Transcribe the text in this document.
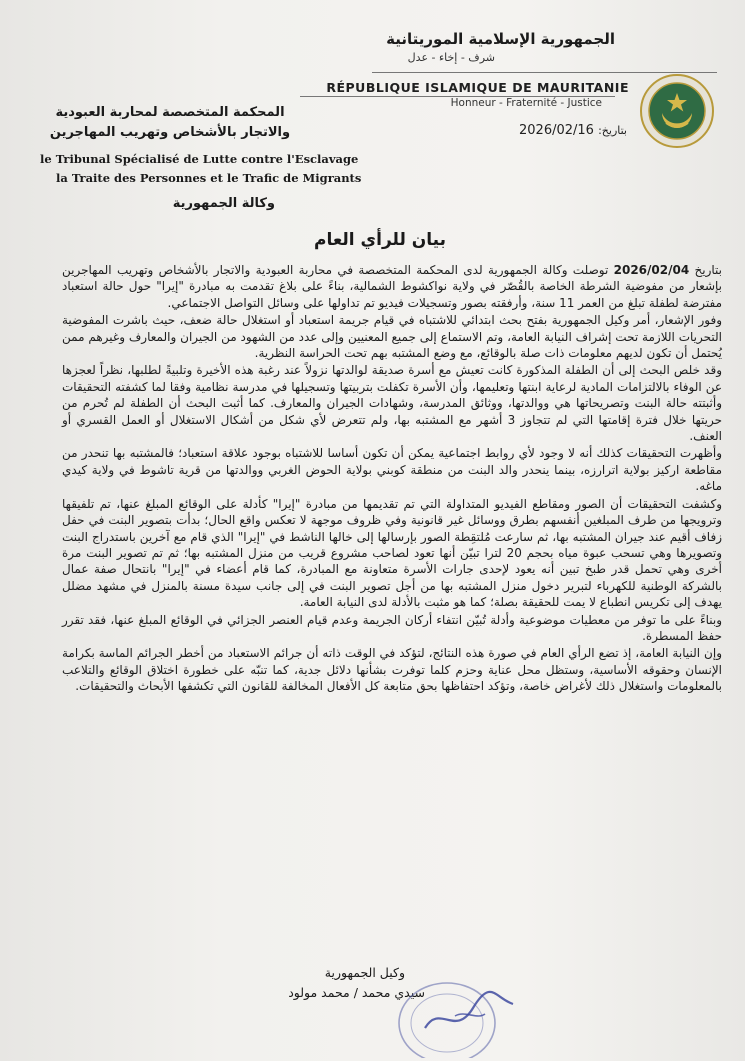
الجمهورية الإسلامية الموريتانية
شرف - إخاء - عدل
RÉPUBLIQUE ISLAMIQUE DE MAURITANIE
Honneur - Fraternité - Justice
بتاريخ: 2026/02/16
المحكمة المتخصصة لمحاربة العبودية
والاتجار بالأشخاص وتهريب المهاجرين
le Tribunal Spécialisé de Lutte contre l'Esclavage
la Traite des Personnes et le Trafic de Migrants
وكالة الجمهورية
بيان للرأي العام

بتاريخ 2026/02/04 توصلت وكالة الجمهورية لدى المحكمة المتخصصة في محاربة العبودية والاتجار بالأشخاص وتهريب المهاجرين بإشعار من مفوضية الشرطة الخاصة بالقُصّر في ولاية نواكشوط الشمالية، بناءً على بلاغ تقدمت به مبادرة "إيرا" حول حالة استعباد مفترضة لطفلة تبلغ من العمر 11 سنة، وأرفقته بصور وتسجيلات فيديو تم تداولها على وسائل التواصل الاجتماعي.

وفور الإشعار، أمر وكيل الجمهورية بفتح بحث ابتدائي للاشتباه في قيام جريمة استعباد أو استغلال حالة ضعف، حيث باشرت المفوضية التحريات اللازمة تحت إشراف النيابة العامة، وتم الاستماع إلى جميع المعنيين وإلى عدد من الشهود من الجيران والمعارف وغيرهم ممن يُحتمل أن تكون لديهم معلومات ذات صلة بالوقائع، مع وضع المشتبه بهم تحت الحراسة النظرية.

وقد خلص البحث إلى أن الطفلة المذكورة كانت تعيش مع أسرة صديقة لوالدتها نزولاً عند رغبة هذه الأخيرة وتلبيةً لطلبها، نظراً لعجزها عن الوفاء بالالتزامات المادية لرعاية ابنتها وتعليمها، وأن الأسرة تكفلت بتربيتها وتسجيلها في مدرسة نظامية وفقا لما كشفته التحقيقات وأثبتته حالة البنت وتصريحاتها هي ووالدتها، ووثائق المدرسة، وشهادات الجيران والمعارف. كما أثبت البحث أن الطفلة لم تُحرم من حريتها خلال فترة إقامتها التي لم تتجاوز 3 أشهر مع المشتبه بها، ولم تتعرض لأي شكل من أشكال الاستغلال أو العمل القسري أو العنف.

وأظهرت التحقيقات كذلك أنه لا وجود لأي روابط اجتماعية يمكن أن تكون أساسا للاشتباه بوجود علاقة استعباد؛ فالمشتبه بها تنحدر من مقاطعة اركيز بولاية اترارزه، بينما ينحدر والد البنت من منطقة كوبني بولاية الحوض الغربي ووالدتها من قرية تاشوط في ولاية كيدي ماغه.

وكشفت التحقيقات أن الصور ومقاطع الفيديو المتداولة التي تم تقديمها من مبادرة "إيرا" كأدلة على الوقائع المبلغ عنها، تم تلفيقها وترويجها من طرف المبلغين أنفسهم بطرق ووسائل غير قانونية وفي ظروف موجهة لا تعكس واقع الحال؛ بدأت بتصوير البنت في حفل زفاف أقيم عند جيران المشتبه بها، ثم سارعت مُلتقِطة الصور بإرسالها إلى خالها الناشط في "إيرا" الذي قام مع آخرين باستدراج البنت وتصويرها وهي تسحب عبوة مياه بحجم 20 لترا تبيّن أنها تعود لصاحب مشروع قريب من منزل المشتبه بها؛ ثم تم تصوير البنت مرة أخرى وهي تحمل قدر طبخ تبين أنه يعود لإحدى جارات الأسرة متعاونة مع المبادرة، كما قام أعضاء في "إيرا" بانتحال صفة عمال بالشركة الوطنية للكهرباء لتبرير دخول منزل المشتبه بها من أجل تصوير البنت في إلى جانب سيدة مسنة بالمنزل في مشهد مضلل يهدف إلى تكريس انطباع لا يمت للحقيقة بصلة؛ كما هو مثبت بالأدلة لدى النيابة العامة.

وبناءً على ما توفر من معطيات موضوعية وأدلة تُبيّن انتفاء أركان الجريمة وعدم قيام العنصر الجزائي في الوقائع المبلغ عنها، فقد تقرر حفظ المسطرة.

وإن النيابة العامة، إذ تضع الرأي العام في صورة هذه النتائج، لتؤكد في الوقت ذاته أن جرائم الاستعباد من أخطر الجرائم الماسة بكرامة الإنسان وحقوقه الأساسية، وستظل محل عناية وحزم كلما توفرت بشأنها دلائل جدية، كما تنبّه على خطورة اختلاق الوقائع والتلاعب بالمعلومات واستغلال ذلك لأغراض خاصة، وتؤكد احتفاظها بحق متابعة كل الأفعال المخالفة للقانون التي تكشفها الأبحاث والتحقيقات.

وكيل الجمهورية
سيدي محمد / محمد مولود
